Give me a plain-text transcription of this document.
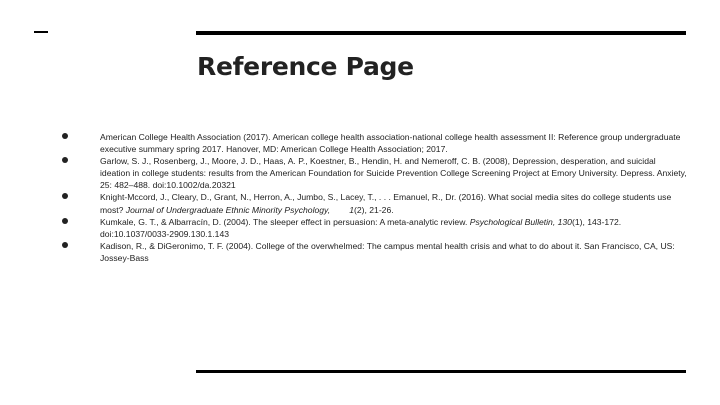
Reference Page
American College Health Association (2017). American college health association-national college health assessment II: Reference group undergraduate executive summary spring 2017. Hanover, MD: American College Health Association; 2017.
Garlow, S. J., Rosenberg, J., Moore, J. D., Haas, A. P., Koestner, B., Hendin, H. and Nemeroff, C. B. (2008), Depression, desperation, and suicidal ideation in college students: results from the American Foundation for Suicide Prevention College Screening Project at Emory University. Depress. Anxiety, 25: 482–488. doi:10.1002/da.20321
Knight-Mccord, J., Cleary, D., Grant, N., Herron, A., Jumbo, S., Lacey, T., . . . Emanuel, R., Dr. (2016). What social media sites do college students use most? Journal of Undergraduate Ethnic Minority Psychology, 1(2), 21-26.
Kumkale, G. T., & Albarracín, D. (2004). The sleeper effect in persuasion: A meta-analytic review. Psychological Bulletin, 130(1), 143-172. doi:10.1037/0033-2909.130.1.143
Kadison, R., & DiGeronimo, T. F. (2004). College of the overwhelmed: The campus mental health crisis and what to do about it. San Francisco, CA, US: Jossey-Bass
